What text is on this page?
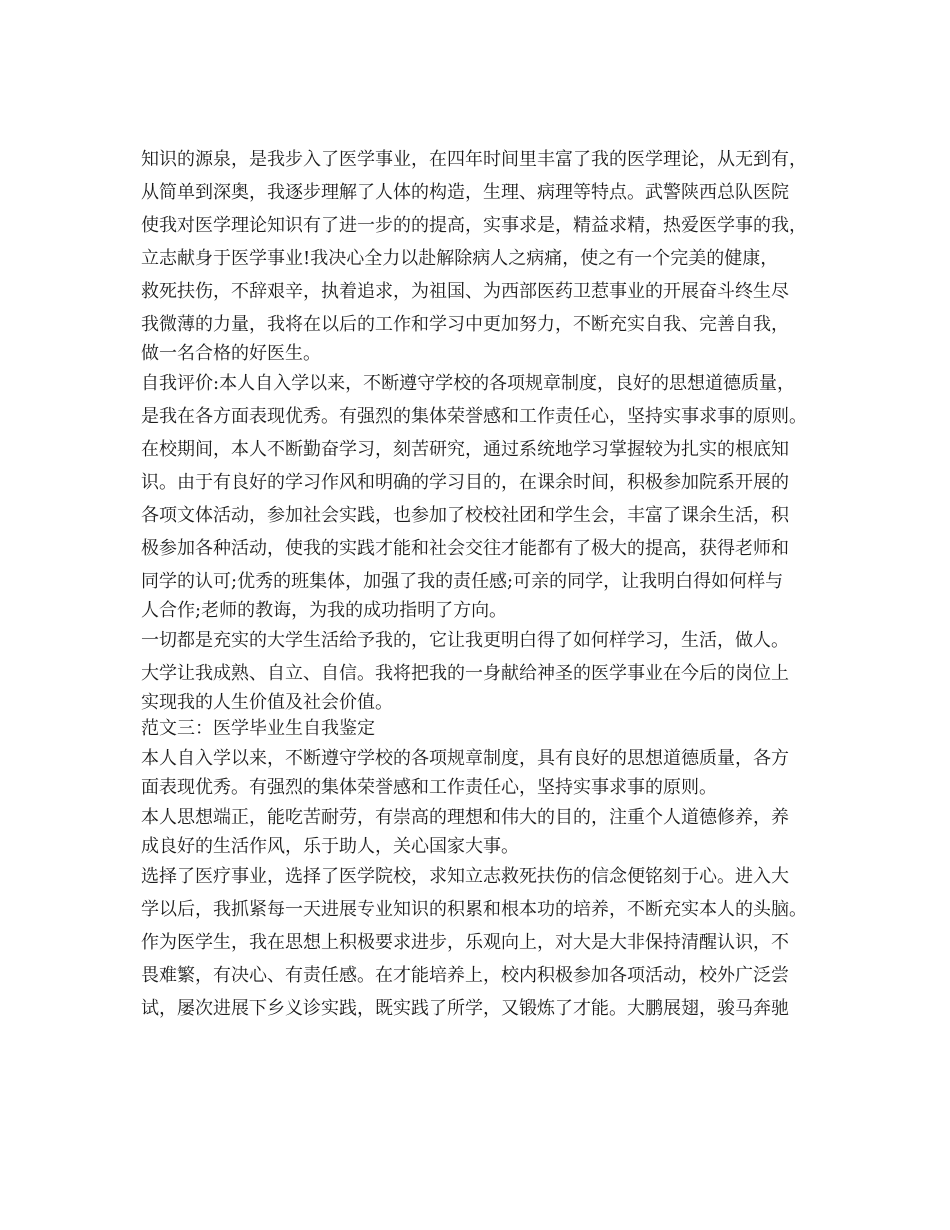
知识的源泉，是我步入了医学事业，在四年时间里丰富了我的医学理论，从无到有，
从简单到深奥，我逐步理解了人体的构造，生理、病理等特点。武警陕西总队医院
使我对医学理论知识有了进一步的的提高，实事求是，精益求精，热爱医学事的我，
立志献身于医学事业!我决心全力以赴解除病人之病痛，使之有一个完美的健康，
救死扶伤，不辞艰辛，执着追求，为祖国、为西部医药卫惹事业的开展奋斗终生尽
我微薄的力量，我将在以后的工作和学习中更加努力，不断充实自我、完善自我，
做一名合格的好医生。
自我评价:本人自入学以来，不断遵守学校的各项规章制度，良好的思想道德质量，
是我在各方面表现优秀。有强烈的集体荣誉感和工作责任心，坚持实事求事的原则。
在校期间，本人不断勤奋学习，刻苦研究，通过系统地学习掌握较为扎实的根底知
识。由于有良好的学习作风和明确的学习目的，在课余时间，积极参加院系开展的
各项文体活动，参加社会实践，也参加了校校社团和学生会，丰富了课余生活，积
极参加各种活动，使我的实践才能和社会交往才能都有了极大的提高，获得老师和
同学的认可;优秀的班集体，加强了我的责任感;可亲的同学，让我明白得如何样与
人合作;老师的教诲，为我的成功指明了方向。
一切都是充实的大学生活给予我的，它让我更明白得了如何样学习，生活，做人。
大学让我成熟、自立、自信。我将把我的一身献给神圣的医学事业在今后的岗位上
实现我的人生价值及社会价值。
范文三：医学毕业生自我鉴定
本人自入学以来，不断遵守学校的各项规章制度，具有良好的思想道德质量，各方
面表现优秀。有强烈的集体荣誉感和工作责任心，坚持实事求事的原则。
本人思想端正，能吃苦耐劳，有崇高的理想和伟大的目的，注重个人道德修养，养
成良好的生活作风，乐于助人，关心国家大事。
选择了医疗事业，选择了医学院校，求知立志救死扶伤的信念便铭刻于心。进入大
学以后，我抓紧每一天进展专业知识的积累和根本功的培养，不断充实本人的头脑。
作为医学生，我在思想上积极要求进步，乐观向上，对大是大非保持清醒认识，不
畏难繁，有决心、有责任感。在才能培养上，校内积极参加各项活动，校外广泛尝
试，屡次进展下乡义诊实践，既实践了所学，又锻炼了才能。大鹏展翅，骏马奔驰
